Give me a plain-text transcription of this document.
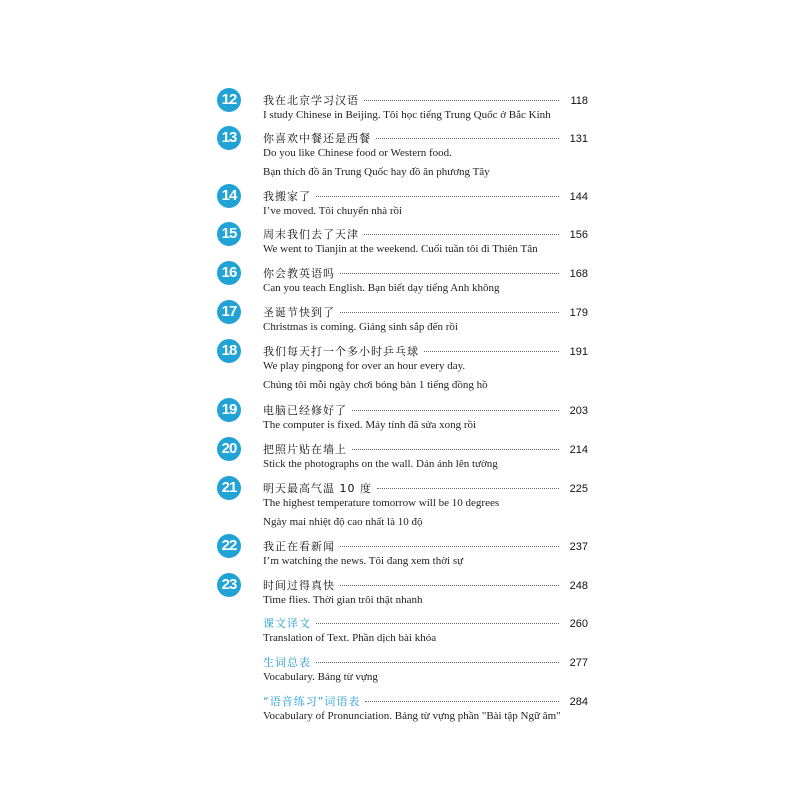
12	我在北京学习汉语	118
I study Chinese in Beijing. Tôi học tiếng Trung Quốc ở Bắc Kinh
13	你喜欢中餐还是西餐	131
Do you like Chinese food or Western food.
Bạn thích đồ ăn Trung Quốc hay đồ ăn phương Tây
14	我搬家了	144
I’ve moved. Tôi chuyển nhà rồi
15	周末我们去了天津	156
We went to Tianjin at the weekend. Cuối tuần tôi đi Thiên Tân
16	你会教英语吗	168
Can you teach English. Bạn biết dạy tiếng Anh không
17	圣诞节快到了	179
Christmas is coming. Giáng sinh sắp đến rồi
18	我们每天打一个多小时乒乓球	191
We play pingpong for over an hour every day.
Chúng tôi mỗi ngày chơi bóng bàn 1 tiếng đồng hồ
19	电脑已经修好了	203
The computer is fixed. Máy tính đã sửa xong rồi
20	把照片贴在墙上	214
Stick the photographs on the wall. Dán ảnh lên tường
21	明天最高气温 10 度	225
The highest temperature tomorrow will be 10 degrees
Ngày mai nhiệt độ cao nhất là 10 độ
22	我正在看新闻	237
I’m watching the news. Tôi đang xem thời sự
23	时间过得真快	248
Time flies. Thời gian trôi thật nhanh
课文译文	260
Translation of Text. Phần dịch bài khóa
生词总表	277
Vocabulary. Bảng từ vựng
“语音练习”词语表	284
Vocabulary of Pronunciation. Bảng từ vựng phần "Bài tập Ngữ âm"
